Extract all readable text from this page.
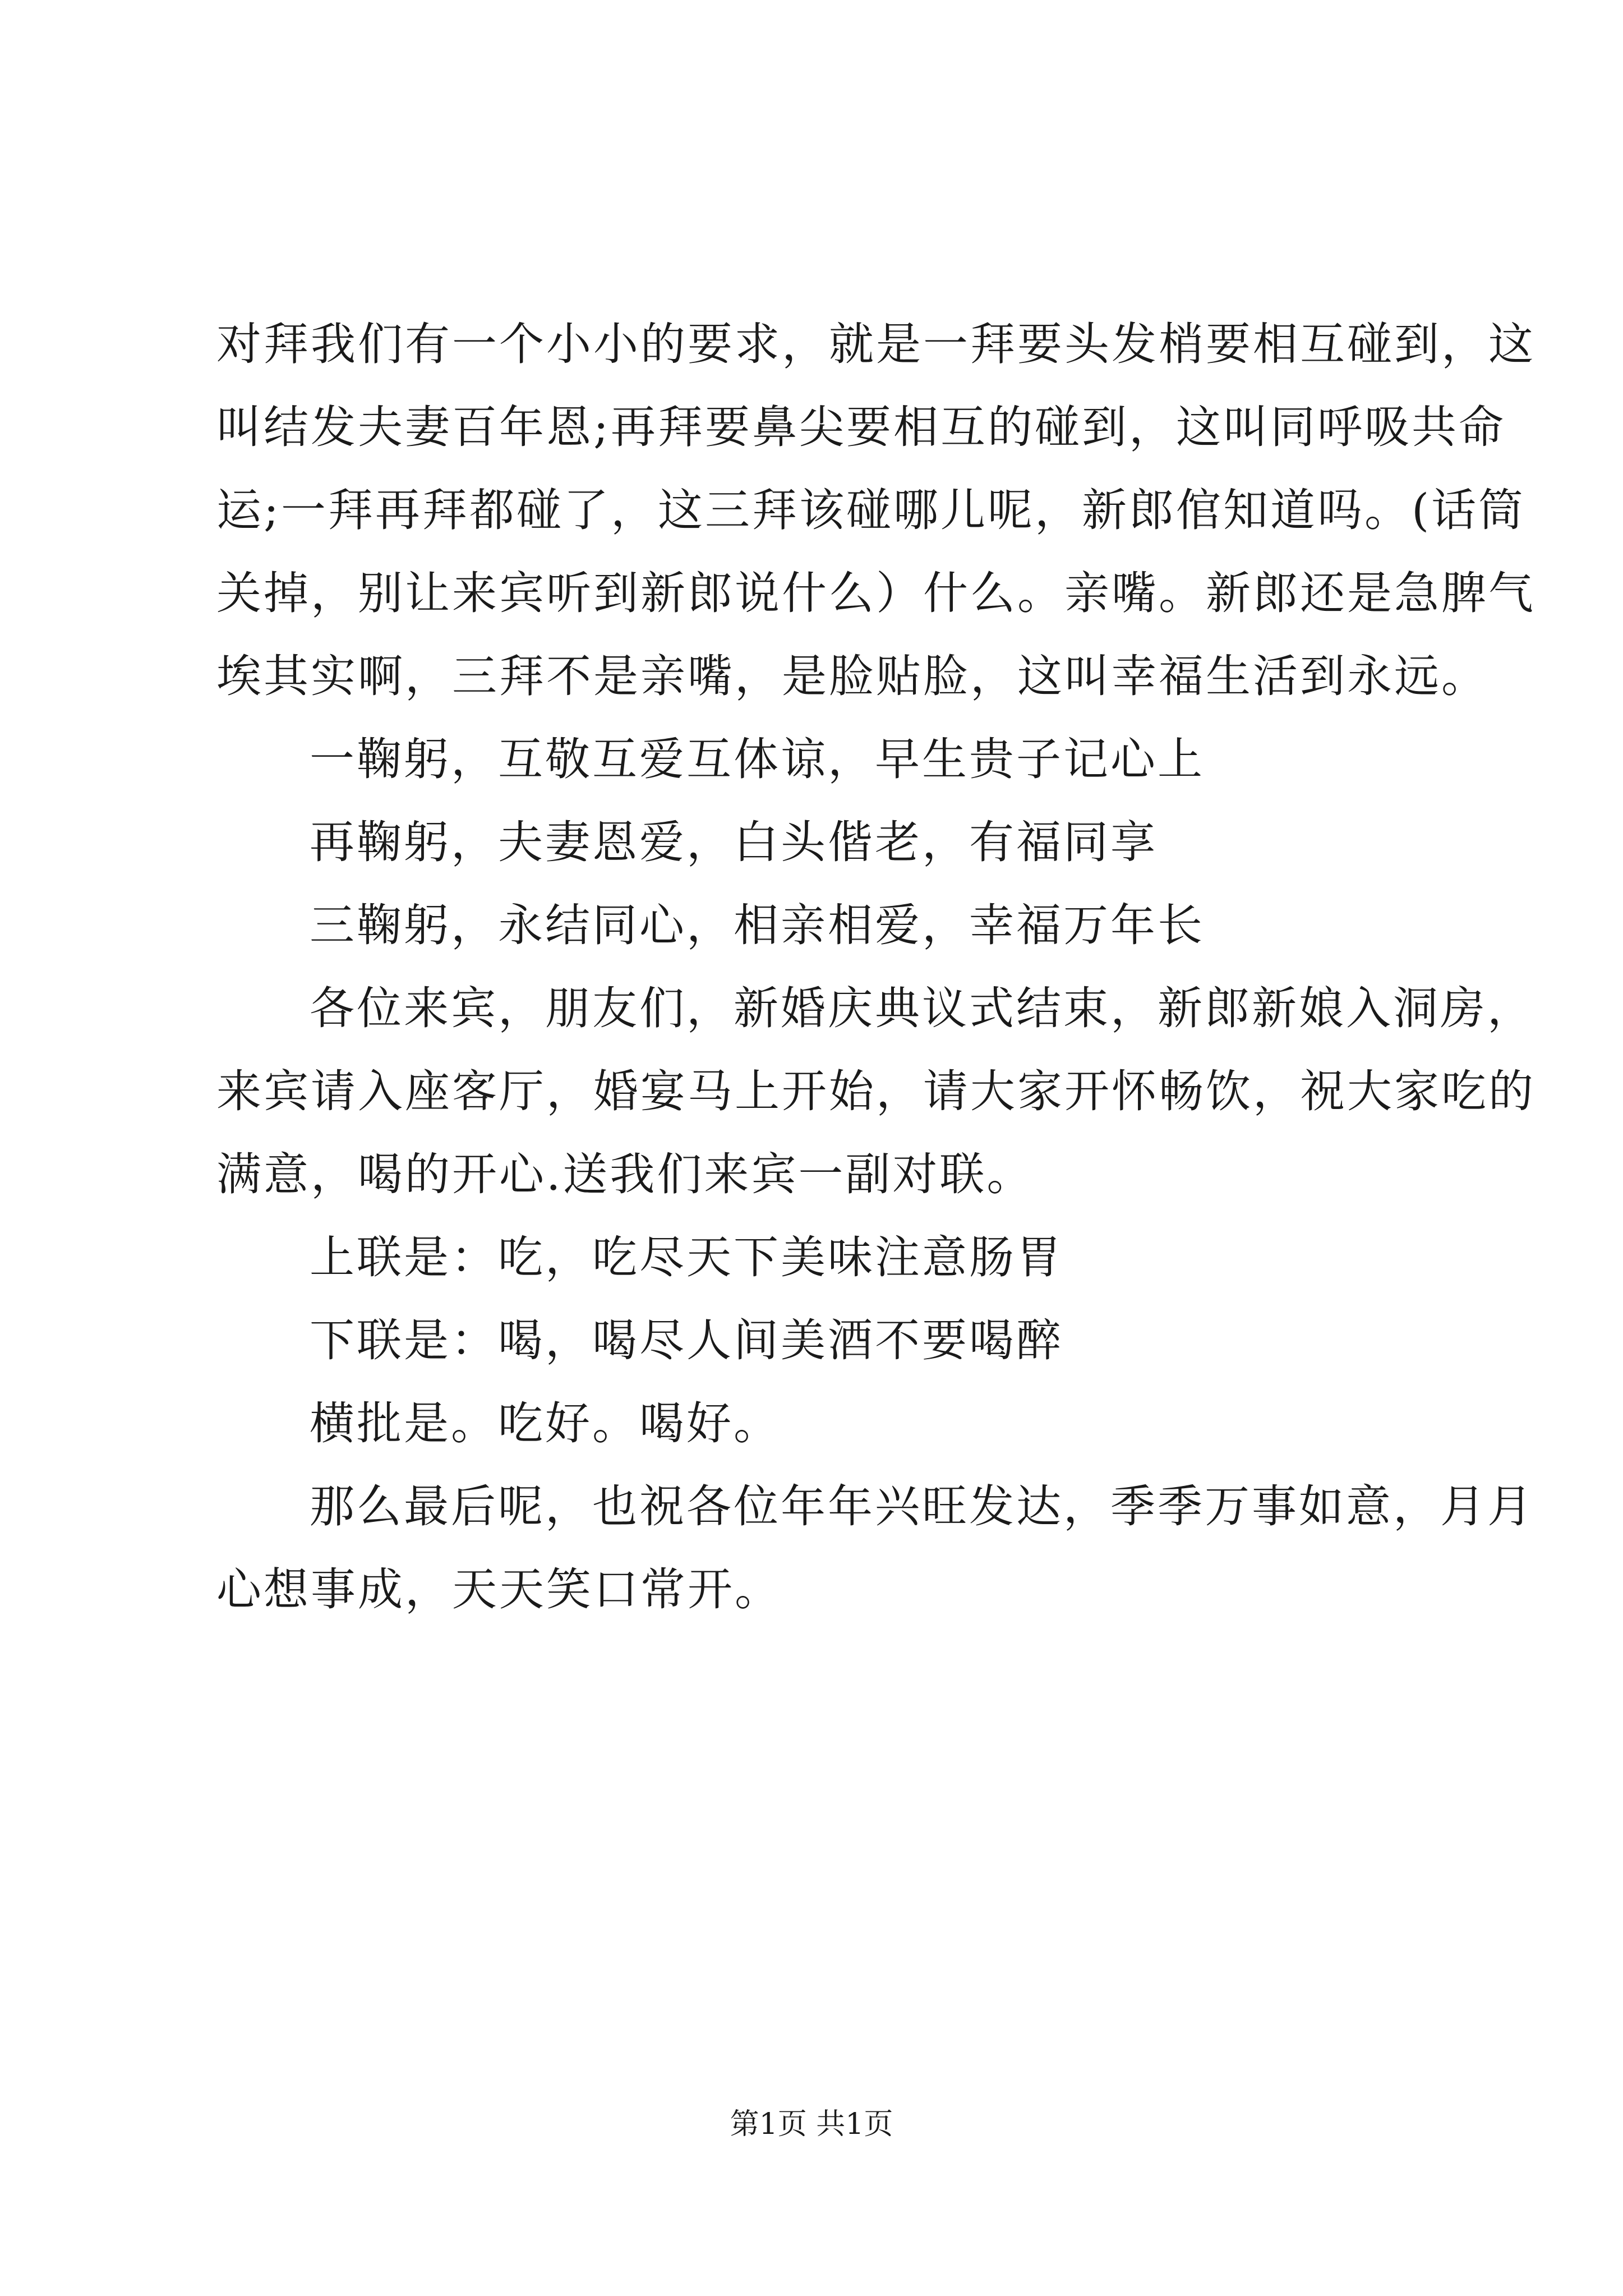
对拜我们有一个小小的要求，就是一拜要头发梢要相互碰到，这
叫结发夫妻百年恩;再拜要鼻尖要相互的碰到，这叫同呼吸共命
运;一拜再拜都碰了，这三拜该碰哪儿呢，新郎倌知道吗。(话筒
关掉，别让来宾听到新郎说什么）什么。亲嘴。新郎还是急脾气
埃其实啊，三拜不是亲嘴，是脸贴脸，这叫幸福生活到永远。
一鞠躬，互敬互爱互体谅，早生贵子记心上
再鞠躬，夫妻恩爱，白头偕老，有福同享
三鞠躬，永结同心，相亲相爱，幸福万年长
各位来宾，朋友们，新婚庆典议式结束，新郎新娘入洞房，
来宾请入座客厅，婚宴马上开始，请大家开怀畅饮，祝大家吃的
满意，喝的开心.送我们来宾一副对联。
上联是：吃，吃尽天下美味注意肠胃
下联是：喝，喝尽人间美酒不要喝醉
横批是。吃好。喝好。
那么最后呢，也祝各位年年兴旺发达，季季万事如意，月月
心想事成，天天笑口常开。
第1页 共1页
